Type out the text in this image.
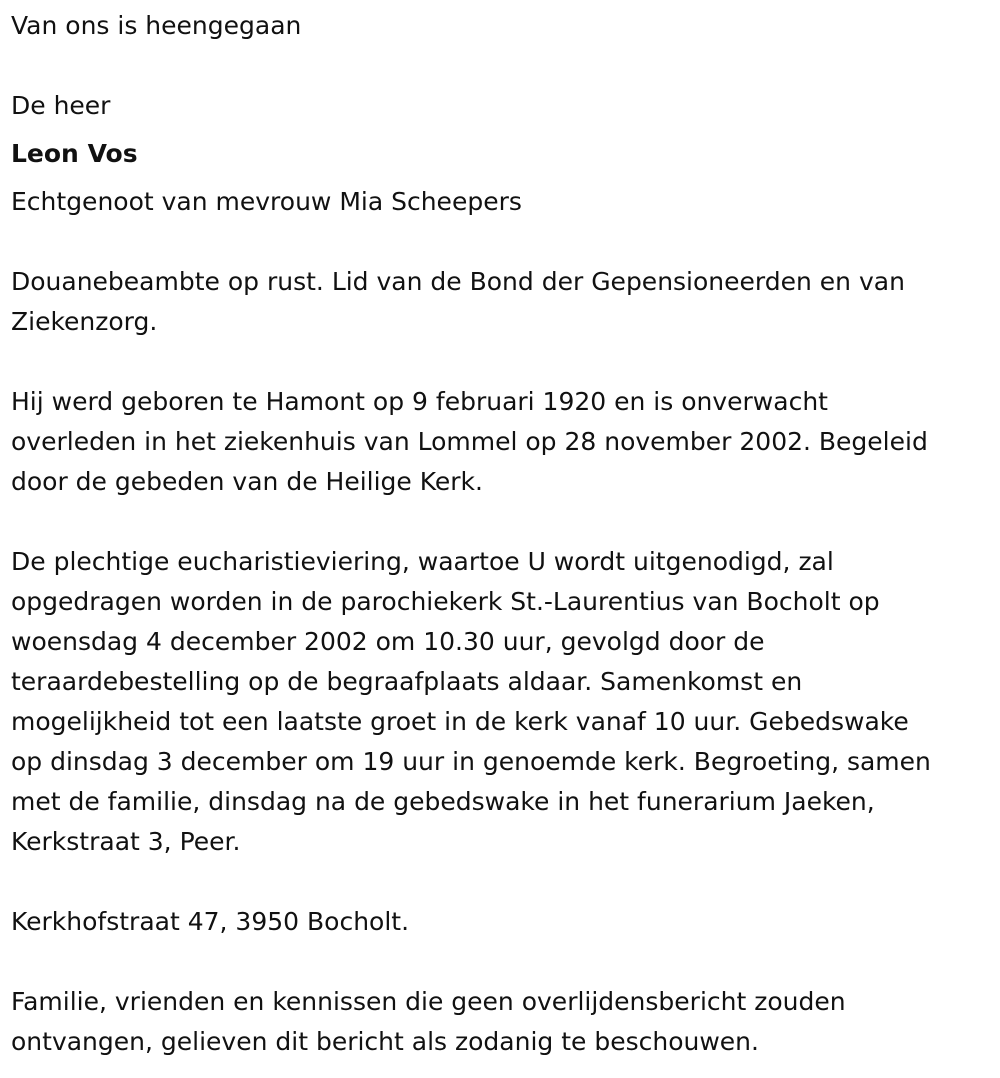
Van ons is heengegaan

De heer

Leon Vos

Echtgenoot van mevrouw Mia Scheepers

Douanebeambte op rust. Lid van de Bond der Gepensioneerden en van

Ziekenzorg.

Hij werd geboren te Hamont op 9 februari 1920 en is onverwacht

overleden in het ziekenhuis van Lommel op 28 november 2002. Begeleid

door de gebeden van de Heilige Kerk.

De plechtige eucharistieviering, waartoe U wordt uitgenodigd, zal

opgedragen worden in de parochiekerk St.-Laurentius van Bocholt op

woensdag 4 december 2002 om 10.30 uur, gevolgd door de

teraardebestelling op de begraafplaats aldaar. Samenkomst en

mogelijkheid tot een laatste groet in de kerk vanaf 10 uur. Gebedswake

op dinsdag 3 december om 19 uur in genoemde kerk. Begroeting, samen

met de familie, dinsdag na de gebedswake in het funerarium Jaeken,

Kerkstraat 3, Peer.

Kerkhofstraat 47, 3950 Bocholt.

Familie, vrienden en kennissen die geen overlijdensbericht zouden

ontvangen, gelieven dit bericht als zodanig te beschouwen.
